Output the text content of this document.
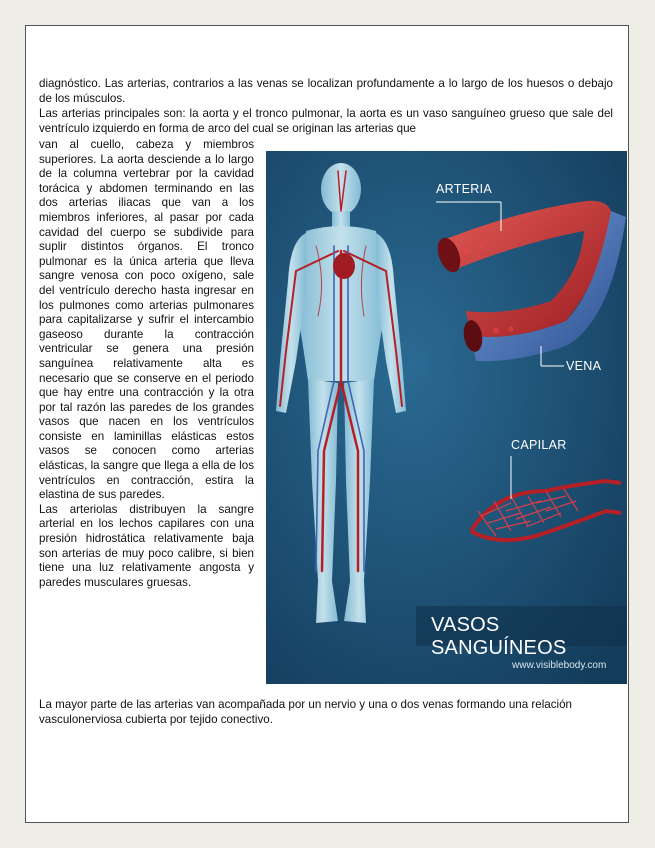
diagnóstico. Las arterias, contrarios a las venas se localizan profundamente a lo largo de los huesos o debajo de los músculos.

Las arterias principales son: la aorta y el tronco pulmonar, la aorta es un vaso sanguíneo grueso que sale del ventrículo izquierdo en forma de arco del cual se originan las arterias que

van al cuello, cabeza y miembros superiores. La aorta desciende a lo largo de la columna vertebrar por la cavidad torácica y abdomen terminando en las dos arterias iliacas que van a los miembros inferiores, al pasar por cada cavidad del cuerpo se subdivide para suplir distintos órganos. El tronco pulmonar es la única arteria que lleva sangre venosa con poco oxígeno, sale del ventrículo derecho hasta ingresar en los pulmones como arterias pulmonares para capitalizarse y sufrir el intercambio gaseoso durante la contracción ventricular se genera una presión sanguínea relativamente alta es necesario que se conserve en el periodo que hay entre una contracción y la otra por tal razón las paredes de los grandes vasos que nacen en los ventrículos consiste en laminillas elásticas estos vasos se conocen como arterias elásticas, la sangre que llega a ella de los ventrículos en contracción, estira la elastina de sus paredes.

Las arteriolas distribuyen la sangre arterial en los lechos capilares con una presión hidrostática relativamente baja son arterias de muy poco calibre, si bien tiene una luz relativamente angosta y paredes musculares gruesas.

ARTERIA
VENA
CAPILAR
VASOS SANGUÍNEOS
www.visiblebody.com

La mayor parte de las arterias van acompañada por un nervio y una o dos venas formando una relación vasculonerviosa cubierta por tejido conectivo.
